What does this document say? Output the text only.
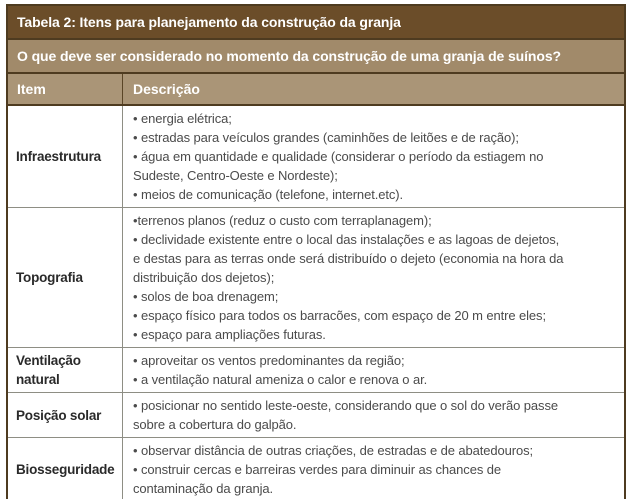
Tabela 2: Itens para planejamento da construção da granja
O que deve ser considerado no momento da construção de uma granja de suínos?
Item	Descrição
Infraestrutura
• energia elétrica;
• estradas para veículos grandes (caminhões de leitões e de ração);
• água em quantidade e qualidade (considerar o período da estiagem no
Sudeste, Centro-Oeste e Nordeste);
• meios de comunicação (telefone, internet.etc).
Topografia
•terrenos planos (reduz o custo com terraplanagem);
• declividade existente entre o local das instalações e as lagoas de dejetos,
e destas para as terras onde será distribuído o dejeto (economia na hora da
distribuição dos dejetos);
• solos de boa drenagem;
• espaço físico para todos os barracões, com espaço de 20 m entre eles;
• espaço para ampliações futuras.
Ventilação natural
• aproveitar os ventos predominantes da região;
• a ventilação natural ameniza o calor e renova o ar.
Posição solar
• posicionar no sentido leste-oeste, considerando que o sol do verão passe
sobre a cobertura do galpão.
Biosseguridade
• observar distância de outras criações, de estradas e de abatedouros;
• construir cercas e barreiras verdes para diminuir as chances de
contaminação da granja.
